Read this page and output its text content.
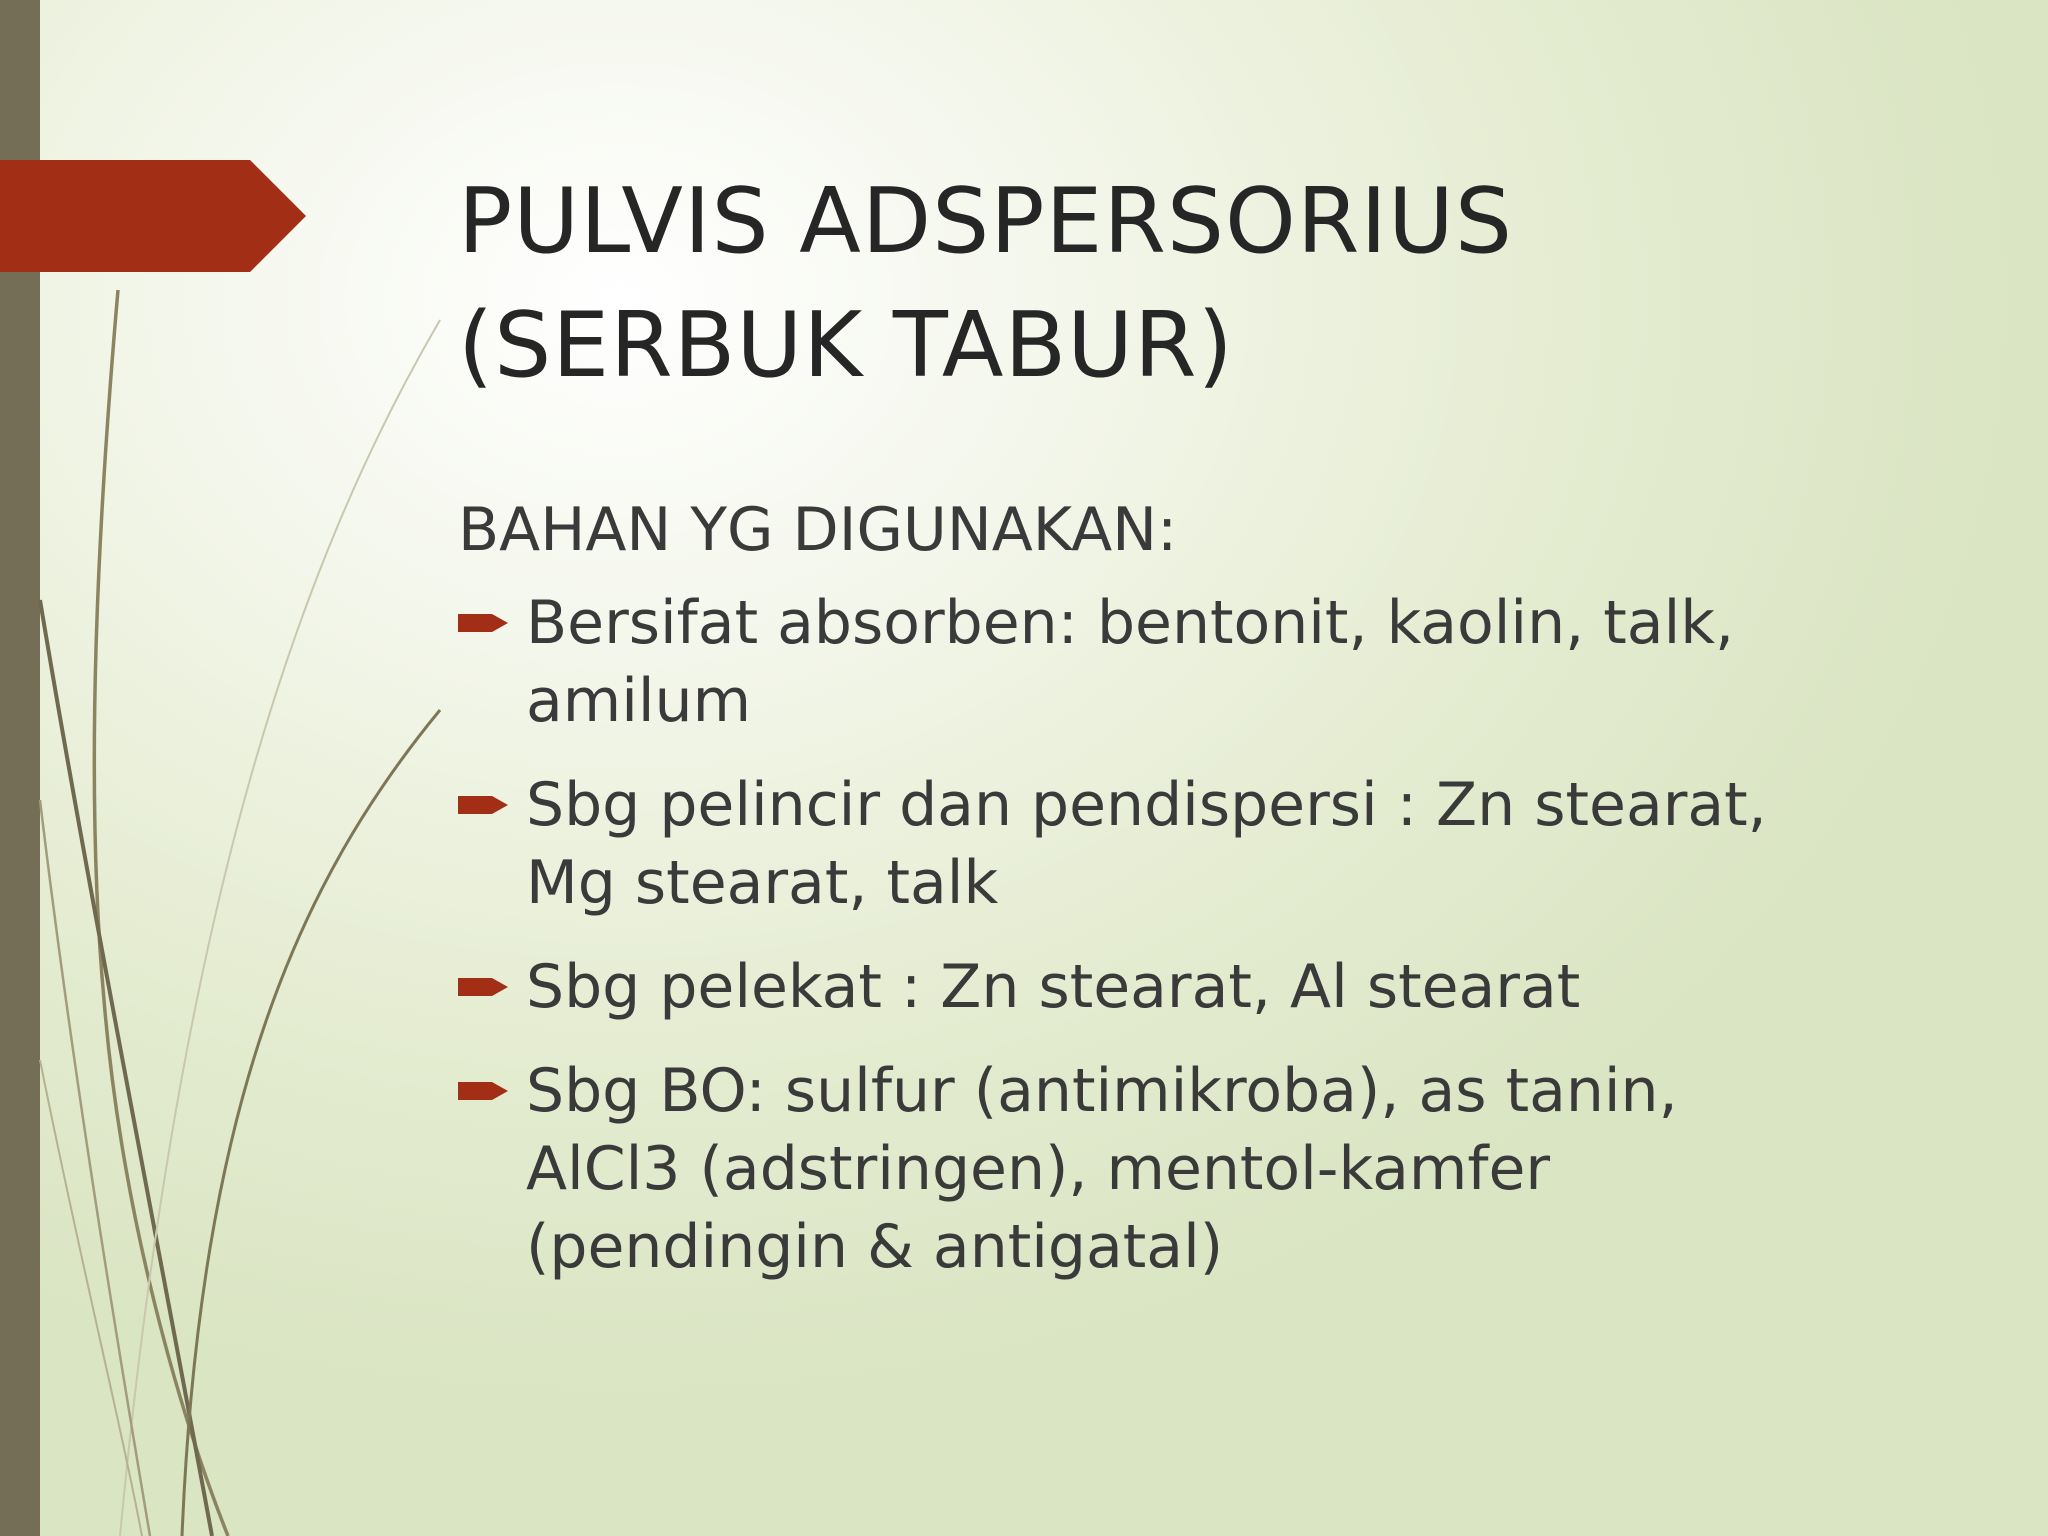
PULVIS ADSPERSORIUS
(SERBUK TABUR)

BAHAN YG DIGUNAKAN:

Bersifat absorben: bentonit, kaolin, talk,
amilum
Sbg pelincir dan pendispersi : Zn stearat,
Mg stearat, talk
Sbg pelekat : Zn stearat, Al stearat
Sbg BO: sulfur (antimikroba), as tanin,
AlCl3 (adstringen), mentol-kamfer
(pendingin & antigatal)
